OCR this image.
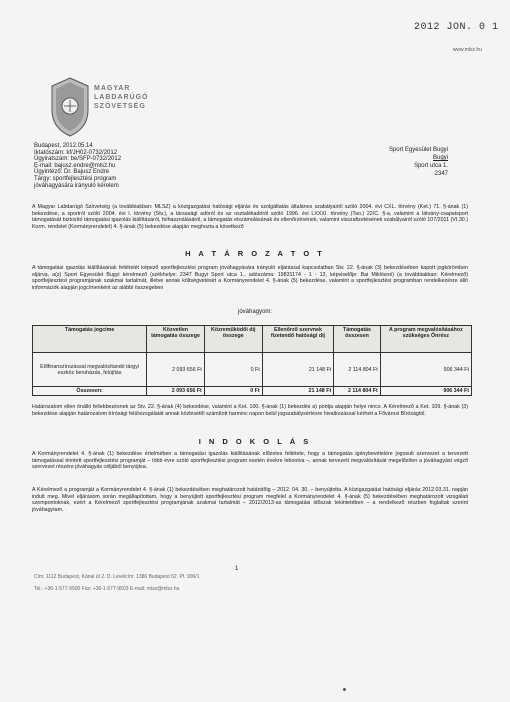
2012 JON. 0 1
www.mlsz.hu
MAGYAR
LABDARÚGÓ
SZÖVETSÉG
Budapest, 2012.05.14
Iktatószám: kf/JH02-0732/2012
Ügyiratszám: be/SFP-0732/2012
E-mail: bajusz.endre@mlsz.hu
Ügyintéző: Dr. Bajusz Endre
Tárgy: sportfejlesztési program
jóváhagyására irányuló kérelem
Sport Egyesület Bugyi
Bugyi
Sport utca 1.
2347
A Magyar Labdarúgó Szövetség (a továbbiakban: MLSZ) a közigazgatási hatósági eljárás és szolgáltatás általános szabályairól szóló 2004. évi CXL. törvény (Ket.) 71. §-ának (1) bekezdése, a sportról szóló 2004. évi I. törvény (Stv.), a társasági adóról és az osztalékadóról szóló 1996. évi LXXXI. törvény (Tao.) 22/C. §-a, valamint a látvány-csapatsport támogatását biztosító támogatási igazolás kiállításáról, felhasználásáról, a támogatás elszámolásának és ellenőrzésének, valamint visszafizetésének szabályairól szóló 107/2011 (VI.30.) Korm. rendelet (Kormányrendelet) 4. §-ának (5) bekezdése alapján meghozta a következő
H A T Á R O Z A T O T
A támogatási igazolás kiállításának feltételét képező sportfejlesztési program jóváhagyására irányuló eljárással kapcsolatban Stv. 22. §-ának (3) bekezdésében kapott jogkörömben eljárva, a(z) Sport Egyesület Bugyi kérelmező (székhelye: 2347 Bugyi Sport utca 1., adószáma: 19831174 - 1 - 13, képviselője: Bai Miklósné) (a továbbiakban: Kérelmező) sportfejlesztési programjának szakmai tartalmát, illetve annak költségvetését a Kormányrendelet 4. §-ának (5) bekezdése, valamint a sportfejlesztési programban rendelkezésre álló információk alapján jogcímenként az alábbi összegeben
jóváhagyom:
Támogatás jogcíme	Közvetlen támogatás összege	Közreműködői díj összege	Ellenőrző szervnek fizetendő hatósági díj	Támogatás összesen	A program megvalósításához szükséges Önrész
Előfinanszírozással megvalósítandó tárgyi eszköz beruházás, felújítás	2 093 656 Ft	0 Ft	21 148 Ft	2 114 804 Ft	906 344 Ft
Összesen:	2 093 656 Ft	0 Ft	21 148 Ft	2 114 804 Ft	906 344 Ft
Határozatom ellen önálló fellebbezésnek az Stv. 22. §-ának (4) bekezdése, valamint a Ket. 100. §-ának (1) bekezdés a) pontja alapján helye nincs. A Kérelmező a Ket. 109. §-ának (3) bekezdése alapján határozatom bírósági felülvizsgálatát annak közlésétől számított harminc napon belül jogszabálysértésre hivatkozással kérheti a Fővárosi Bíróságtól.
I N D O K O L Á S
A Kormányrendelet 4. §-ának (1) bekezdése értelmében a támogatási igazolás kiállításának előzetes feltétele, hogy a támogatás igénybevételére jogosult szervezet a tervezett támogatással érintett sportfejlesztési programját – több évre szóló sportfejlesztési program esetén évekre lebontva –, annak tervezett megvalósítását megelőzően a jóváhagyást végző szervezet részére jóváhagyás céljából benyújtsa.
A Kérelmező a programját a Kormányrendelet 4. §-ának (1) bekezdésében meghatározott határidőig – 2012. 04. 30. – benyújtotta. A közigazgatási hatósági eljárás 2012.03.31. napján indult meg. Mivel eljárásom során megállapítottam, hogy a benyújtott sportfejlesztési program megfelel a Kormányrendelet 4. §-ának (5) bekezdésében meghatározott vizsgálati szempontoknak, ezért a Kérelmező sportfejlesztési programjának szakmai tartalmát – 2012/2013-as támogatási időszak tekintetében – a rendelkező részben foglaltak szerint jóváhagytam.
1
Cím: 1112 Budapest, Kánai út 2. D. Levélcím: 1386 Budapest 62. Pf. 906/1
Tel.: +36-1-577-9500 Fax: +36-1-577-9503 E-mail: mlsz@mlsz.hu
